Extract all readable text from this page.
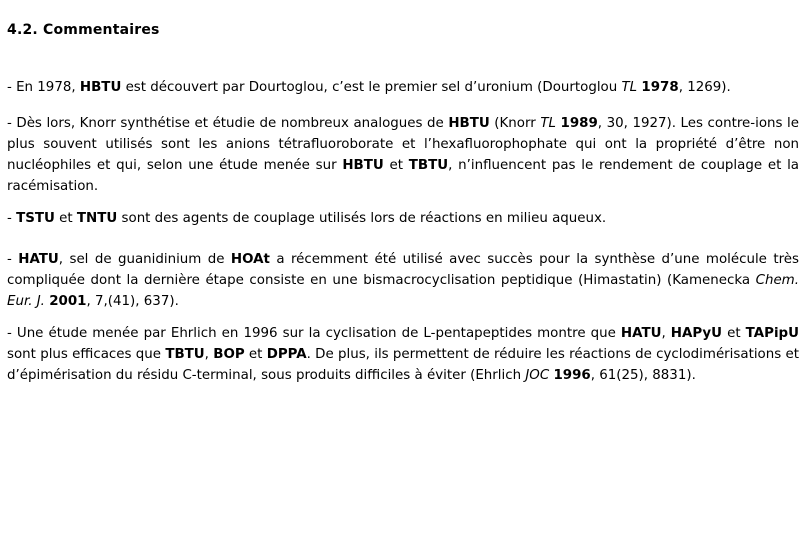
4.2. Commentaires

- En 1978, HBTU est découvert par Dourtoglou, c’est le premier sel d’uronium (Dourtoglou TL 1978, 1269).

- Dès lors, Knorr synthétise et étudie de nombreux analogues de HBTU (Knorr TL 1989, 30, 1927). Les contre-ions le plus souvent utilisés sont les anions tétrafluoroborate et l’hexafluorophophate qui ont la propriété d’être non nucléophiles et qui, selon une étude menée sur HBTU et TBTU, n’influencent pas le rendement de couplage et la racémisation.

- TSTU et TNTU sont des agents de couplage utilisés lors de réactions en milieu aqueux.

- HATU, sel de guanidinium de HOAt a récemment été utilisé avec succès pour la synthèse d’une molécule très compliquée dont la dernière étape consiste en une bismacrocyclisation peptidique (Himastatin) (Kamenecka Chem. Eur. J. 2001, 7,(41), 637).

- Une étude menée par Ehrlich en 1996 sur la cyclisation de L-pentapeptides montre que HATU, HAPyU et TAPipU sont plus efficaces que TBTU, BOP et DPPA. De plus, ils permettent de réduire les réactions de cyclodimérisations et d’épimérisation du résidu C-terminal, sous produits difficiles à éviter (Ehrlich JOC 1996, 61(25), 8831).
